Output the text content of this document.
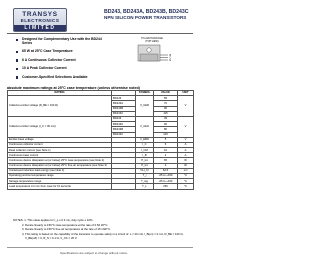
TRANSYS
ELECTRONICS
LIMITED
BD243, BD243A, BD243B, BD243C
NPN SILICON POWER TRANSISTORS
Designed for Complementary Use with the BD244 Series
65 W at 25°C Case Temperature
6 A Continuous Collector Current
10 A Peak Collector Current
Customer-Specified Selections Available
TO-220 PACKAGE
(TOP VIEW)
B
C
E
absolute maximum ratings at 25°C case temperature (unless otherwise noted)
RATING		SYMBOL	VALUE	UNIT
Collector-emitter voltage (R_BE = 100 Ω)	BD243	V_CER	55	V
	BD243A		70	
	BD243B		90	
	BD243C		115	
Collector-emitter voltage (I_C = 30 mA)	BD243	V_CEO	45	V
	BD243A		60	
	BD243B		80	
	BD243C		100	
Emitter-base voltage		V_EBO	5	V
Continuous collector current		I_C	6	A
Peak collector current (see Note 1)		I_CM	10	A
Continuous base current		I_B	2	A
Continuous device dissipation at (or below) 25°C case temperature (see Note 2)		P_tot	65	W
Continuous device dissipation at (or below) 25°C free air temperature (see Note 3)		P_tot	2	W
Unclamped inductive load energy (see Note 4)		½LI_C²	62.5	mJ
Operating junction temperature range		T_j	-65 to +150	°C
Storage temperature range		T_stg	-65 to +150	°C
Lead temperature 3.2 mm from case for 10 seconds		T_L	250	°C
NOTES: 1. This value applies for t_p ≤ 0.3 ms, duty cycle ≤ 10%.
2. Derate linearly to 150°C case temperature at the rate of 0.52 W/°C.
3. Derate linearly to 150°C free air temperature at the rate of 16 mW/°C.
4. This rating is based on the capability of the transistor to operate safely in a circuit of: L = 20 mH, I_B(on) = 0.4 A, R_BE = 100 Ω,
V_BE(off) = 0, R_S = 0.1 Ω, V_CC = 20 V.
Specifications are subject to change without notice.
